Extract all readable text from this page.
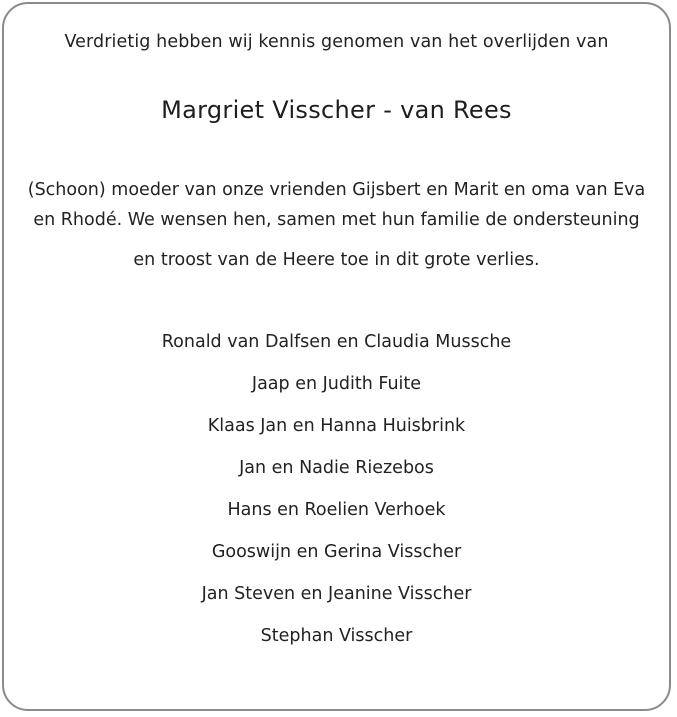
Verdrietig hebben wij kennis genomen van het overlijden van
Margriet Visscher - van Rees
(Schoon) moeder van onze vrienden Gijsbert en Marit en oma van Eva
en Rhodé. We wensen hen, samen met hun familie de ondersteuning
en troost van de Heere toe in dit grote verlies.
Ronald van Dalfsen en Claudia Mussche
Jaap en Judith Fuite
Klaas Jan en Hanna Huisbrink
Jan en Nadie Riezebos
Hans en Roelien Verhoek
Gooswijn en Gerina Visscher
Jan Steven en Jeanine Visscher
Stephan Visscher
